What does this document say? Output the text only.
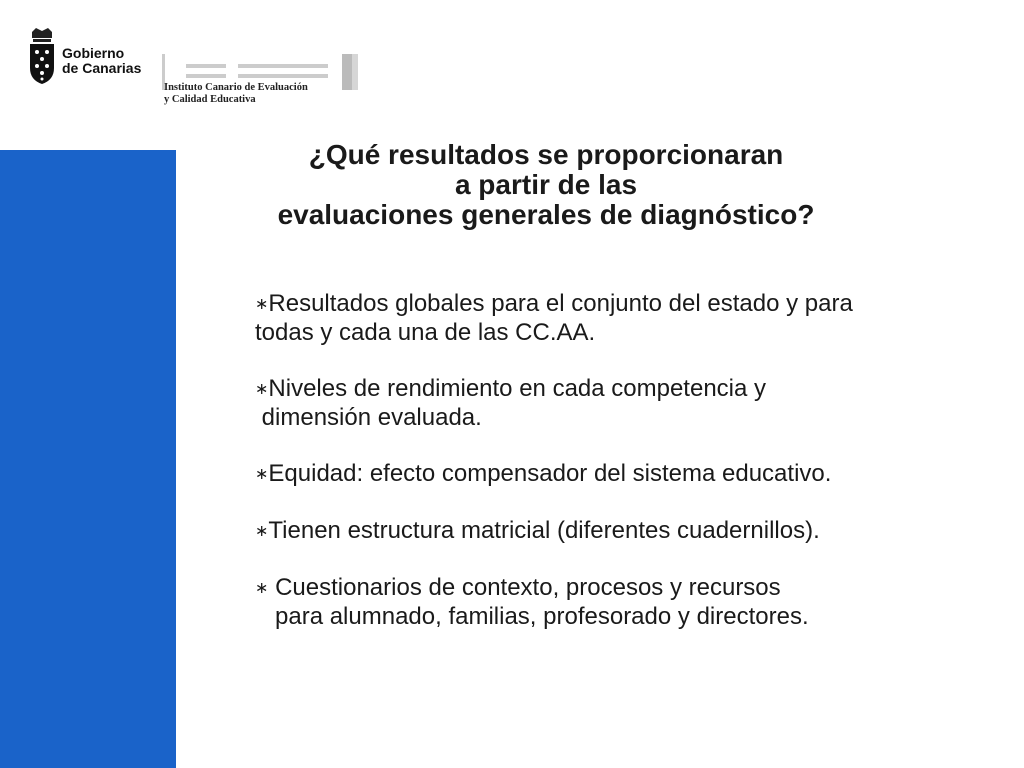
Gobierno
de Canarias
Instituto Canario de Evaluación
y Calidad Educativa
¿Qué resultados se proporcionaran
a partir de las
evaluaciones generales de diagnóstico?
∗Resultados globales para el conjunto del estado y para
todas y cada una de las CC.AA.
∗Niveles de rendimiento en cada competencia y
dimensión evaluada.
∗Equidad: efecto compensador del sistema educativo.
∗Tienen estructura matricial (diferentes cuadernillos).
∗ Cuestionarios de contexto, procesos y recursos
para alumnado, familias, profesorado y directores.
